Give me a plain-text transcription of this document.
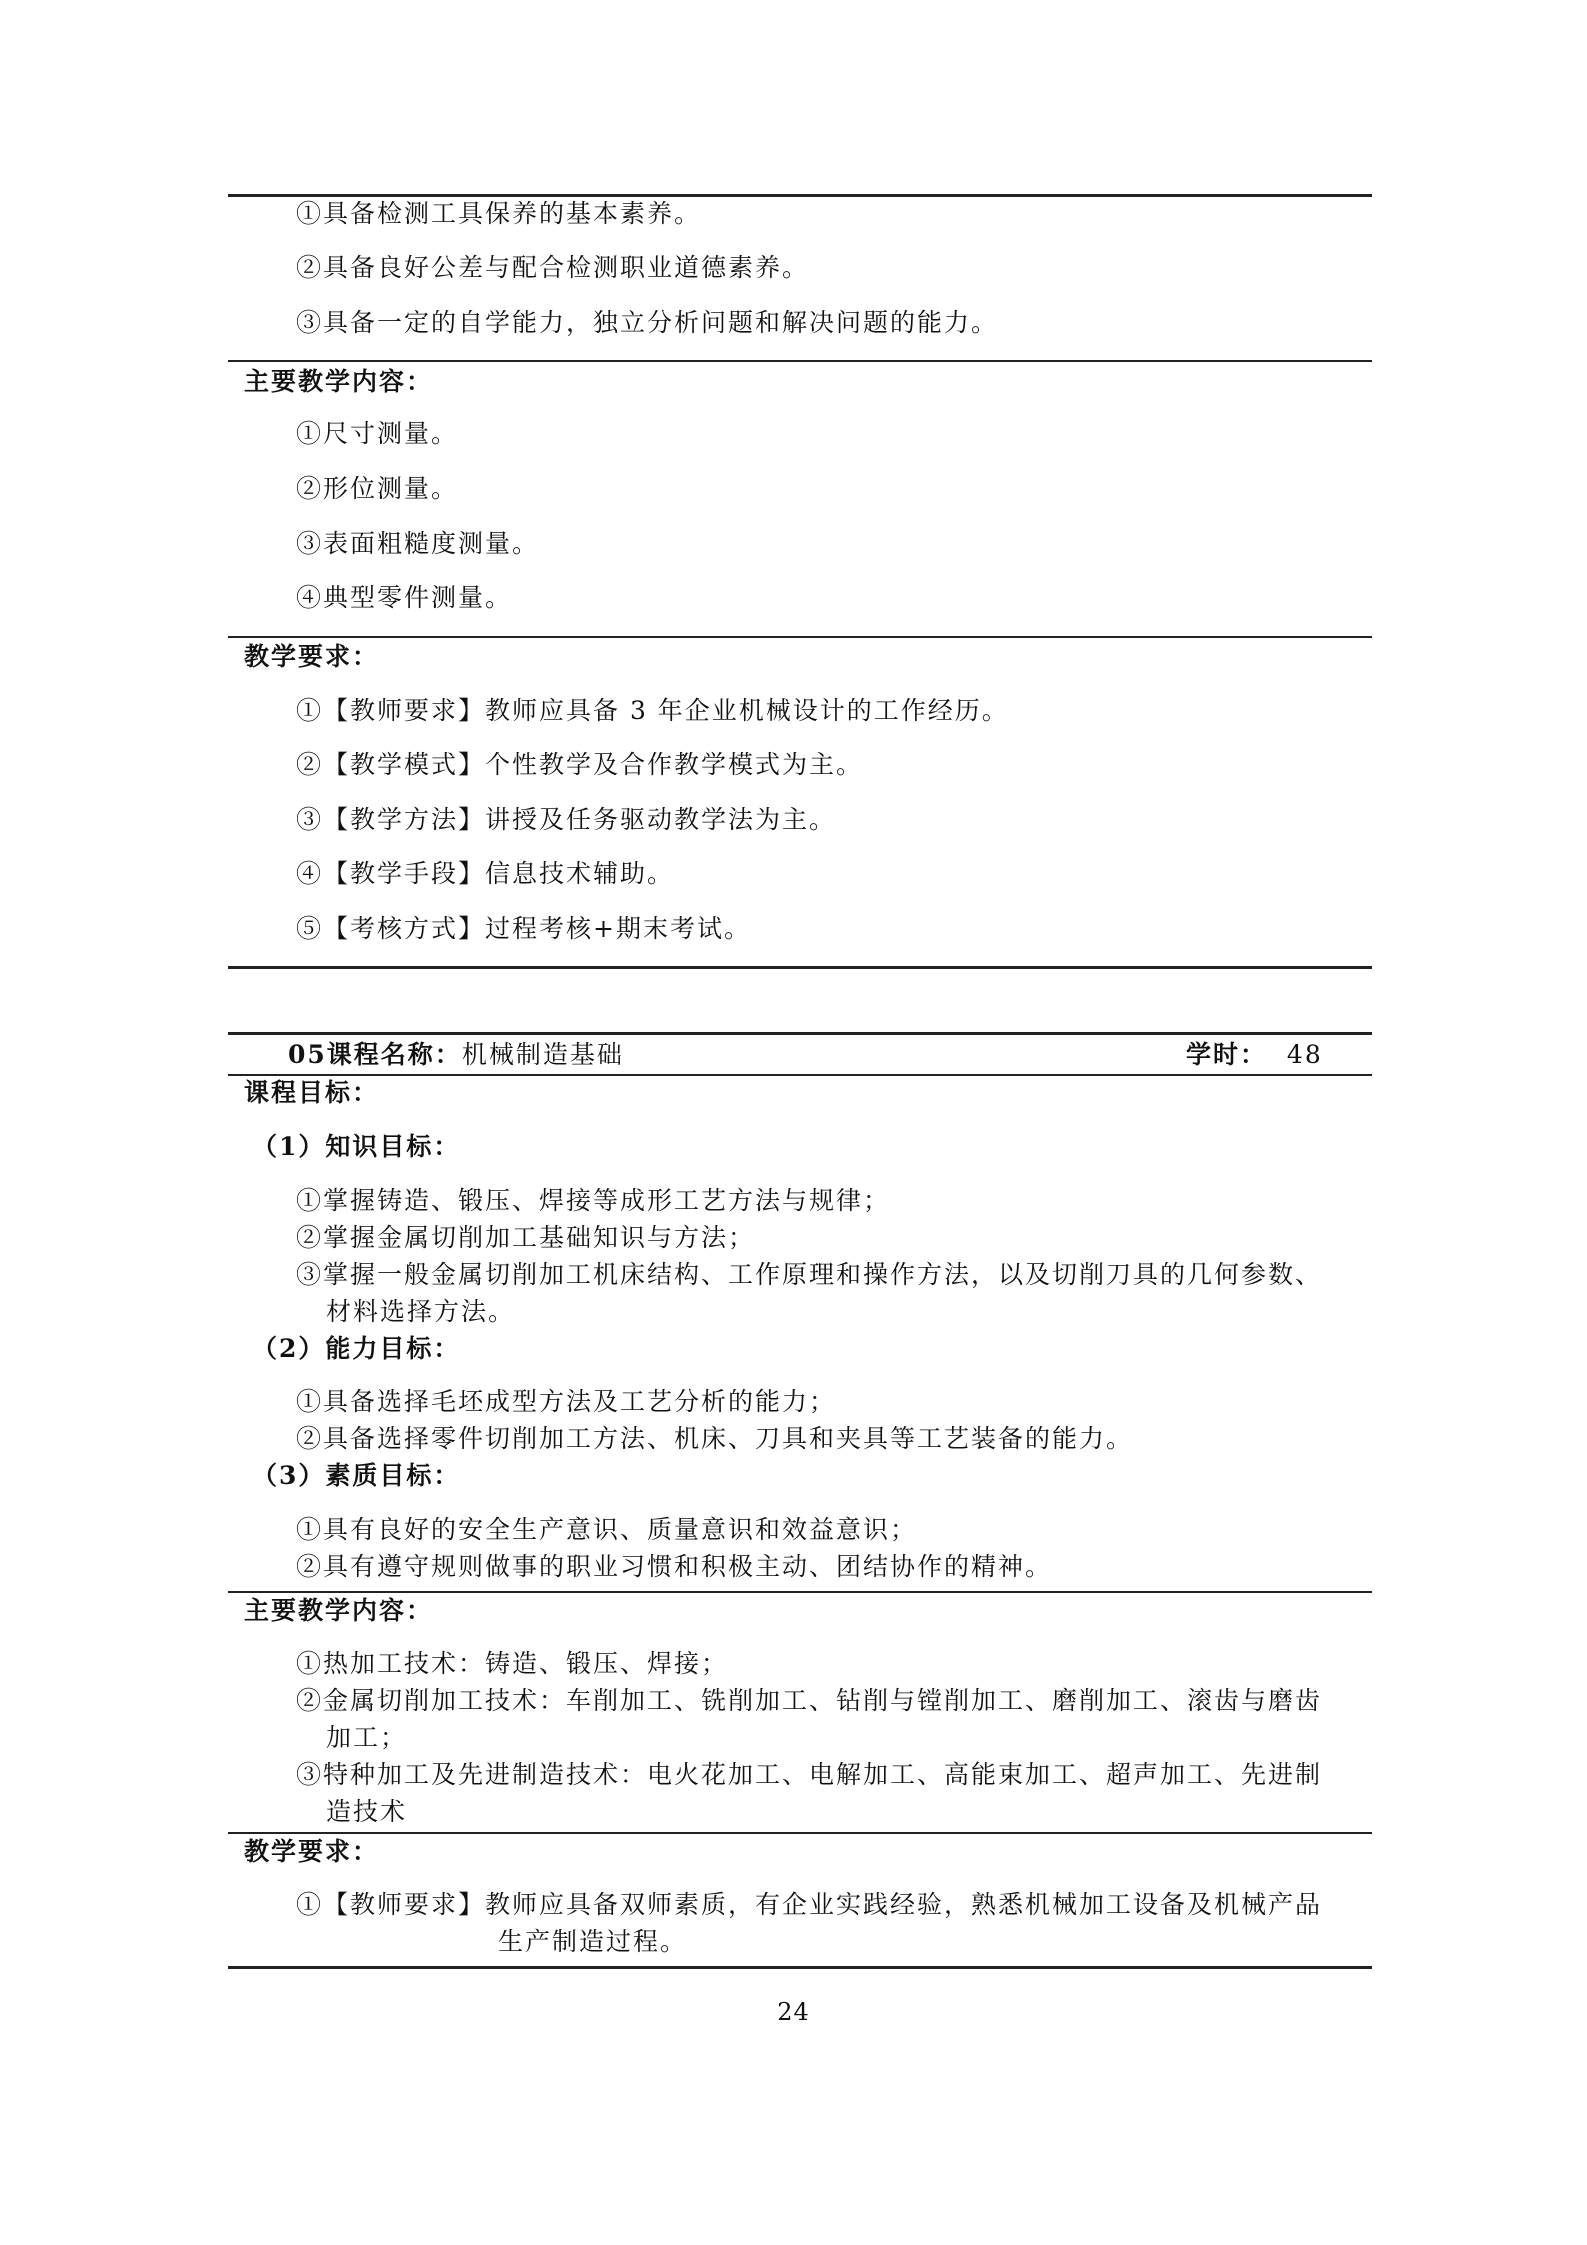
①具备检测工具保养的基本素养。
②具备良好公差与配合检测职业道德素养。
③具备一定的自学能力，独立分析问题和解决问题的能力。
主要教学内容：
①尺寸测量。
②形位测量。
③表面粗糙度测量。
④典型零件测量。
教学要求：
①【教师要求】教师应具备 3 年企业机械设计的工作经历。
②【教学模式】个性教学及合作教学模式为主。
③【教学方法】讲授及任务驱动教学法为主。
④【教学手段】信息技术辅助。
⑤【考核方式】过程考核+期末考试。
05课程名称：机械制造基础	学时： 48
课程目标：
（1）知识目标：
①掌握铸造、锻压、焊接等成形工艺方法与规律；
②掌握金属切削加工基础知识与方法；
③掌握一般金属切削加工机床结构、工作原理和操作方法，以及切削刀具的几何参数、
材料选择方法。
（2）能力目标：
①具备选择毛坯成型方法及工艺分析的能力；
②具备选择零件切削加工方法、机床、刀具和夹具等工艺装备的能力。
（3）素质目标：
①具有良好的安全生产意识、质量意识和效益意识；
②具有遵守规则做事的职业习惯和积极主动、团结协作的精神。
主要教学内容：
①热加工技术：铸造、锻压、焊接；
②金属切削加工技术：车削加工、铣削加工、钻削与镗削加工、磨削加工、滚齿与磨齿
加工；
③特种加工及先进制造技术：电火花加工、电解加工、高能束加工、超声加工、先进制
造技术
教学要求：
①【教师要求】教师应具备双师素质，有企业实践经验，熟悉机械加工设备及机械产品
生产制造过程。
24
